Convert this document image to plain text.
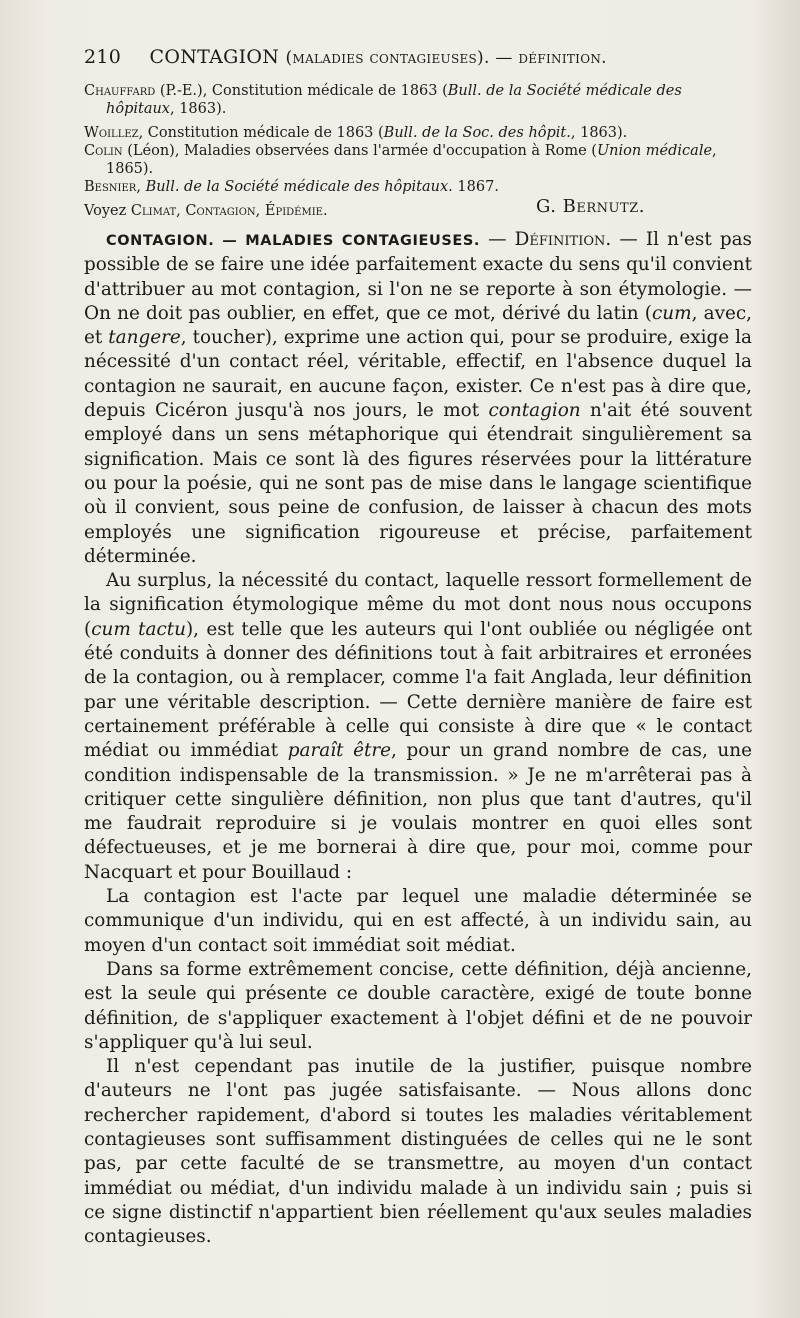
210 CONTAGION (maladies contagieuses). — définition.

Chauffard (P.-E.), Constitution médicale de 1863 (Bull. de la Société médicale des hôpitaux, 1863).

Woillez, Constitution médicale de 1863 (Bull. de la Soc. des hôpit., 1863).

Colin (Léon), Maladies observées dans l'armée d'occupation à Rome (Union médicale, 1865).

Besnier, Bull. de la Société médicale des hôpitaux. 1867.

Voyez Climat, Contagion, Épidémie.	G. Bernutz.

CONTAGION. — MALADIES CONTAGIEUSES. — Définition. — Il n'est pas possible de se faire une idée parfaitement exacte du sens qu'il convient d'attribuer au mot contagion, si l'on ne se reporte à son étymologie. — On ne doit pas oublier, en effet, que ce mot, dérivé du latin (cum, avec, et tangere, toucher), exprime une action qui, pour se produire, exige la nécessité d'un contact réel, véritable, effectif, en l'absence duquel la contagion ne saurait, en aucune façon, exister. Ce n'est pas à dire que, depuis Cicéron jusqu'à nos jours, le mot contagion n'ait été souvent employé dans un sens métaphorique qui étendrait singulièrement sa signification. Mais ce sont là des figures réservées pour la littérature ou pour la poésie, qui ne sont pas de mise dans le langage scientifique où il convient, sous peine de confusion, de laisser à chacun des mots employés une signification rigoureuse et précise, parfaitement déterminée.

Au surplus, la nécessité du contact, laquelle ressort formellement de la signification étymologique même du mot dont nous nous occupons (cum tactu), est telle que les auteurs qui l'ont oubliée ou négligée ont été conduits à donner des définitions tout à fait arbitraires et erronées de la contagion, ou à remplacer, comme l'a fait Anglada, leur définition par une véritable description. — Cette dernière manière de faire est certainement préférable à celle qui consiste à dire que « le contact médiat ou immédiat paraît être, pour un grand nombre de cas, une condition indispensable de la transmission. » Je ne m'arrêterai pas à critiquer cette singulière définition, non plus que tant d'autres, qu'il me faudrait reproduire si je voulais montrer en quoi elles sont défectueuses, et je me bornerai à dire que, pour moi, comme pour Nacquart et pour Bouillaud :

La contagion est l'acte par lequel une maladie déterminée se communique d'un individu, qui en est affecté, à un individu sain, au moyen d'un contact soit immédiat soit médiat.

Dans sa forme extrêmement concise, cette définition, déjà ancienne, est la seule qui présente ce double caractère, exigé de toute bonne définition, de s'appliquer exactement à l'objet défini et de ne pouvoir s'appliquer qu'à lui seul.

Il n'est cependant pas inutile de la justifier, puisque nombre d'auteurs ne l'ont pas jugée satisfaisante. — Nous allons donc rechercher rapidement, d'abord si toutes les maladies véritablement contagieuses sont suffisamment distinguées de celles qui ne le sont pas, par cette faculté de se transmettre, au moyen d'un contact immédiat ou médiat, d'un individu malade à un individu sain ; puis si ce signe distinctif n'appartient bien réellement qu'aux seules maladies contagieuses.
